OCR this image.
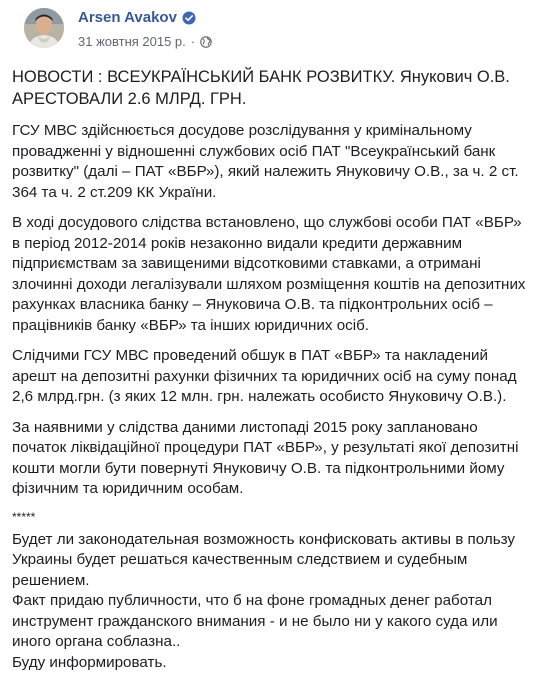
Arsen Avakov
31 жовтня 2015 р. ·
НОВОСТИ : ВСЕУКРАЇНСЬКИЙ БАНК РОЗВИТКУ. Янукович О.В.
АРЕСТОВАЛИ 2.6 МЛРД. ГРН.
ГСУ МВС здійснюється досудове розслідування у кримінальному
провадженні у відношенні службових осіб ПАТ "Всеукраїнський банк
розвитку" (далі – ПАТ «ВБР»), який належить Януковичу О.В., за ч. 2 ст.
364 та ч. 2 ст.209 КК України.
В ході досудового слідства встановлено, що службові особи ПАТ «ВБР»
в період 2012-2014 років незаконно видали кредити державним
підприємствам за завищеними відсотковими ставками, а отримані
злочинні доходи легалізували шляхом розміщення коштів на депозитних
рахунках власника банку – Януковича О.В. та підконтрольних осіб –
працівників банку «ВБР» та інших юридичних осіб.
Слідчими ГСУ МВС проведений обшук в ПАТ «ВБР» та накладений
арешт на депозитні рахунки фізичних та юридичних осіб на суму понад
2,6 млрд.грн. (з яких 12 млн. грн. належать особисто Януковичу О.В.).
За наявними у слідства даними листопаді 2015 року заплановано
початок ліквідаційної процедури ПАТ «ВБР», у результаті якої депозитні
кошти могли бути повернуті Януковичу О.В. та підконтрольними йому
фізичним та юридичним особам.
*****
Будет ли законодательная возможность конфисковать активы в пользу
Украины будет решаться качественным следствием и судебным
решением.
Факт придаю публичности, что б на фоне громадных денег работал
инструмент гражданского внимания - и не было ни у какого суда или
иного органа соблазна..
Буду информировать.
